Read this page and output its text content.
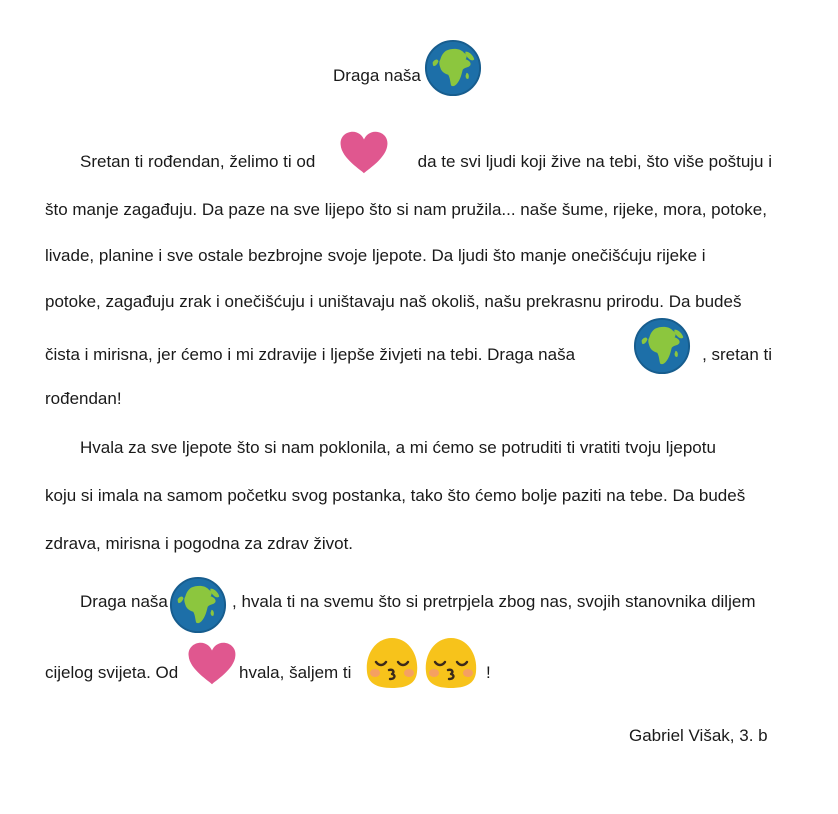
Draga naša
Sretan ti rođendan, želimo ti od	da te svi ljudi koji žive na tebi, što više poštuju i
što manje zagađuju. Da paze na sve lijepo što si nam pružila... naše šume, rijeke, mora, potoke,
livade, planine i sve ostale bezbrojne svoje ljepote. Da ljudi što manje onečišćuju rijeke i
potoke, zagađuju zrak i onečišćuju i uništavaju naš okoliš, našu prekrasnu prirodu. Da budeš
čista i mirisna, jer ćemo i mi zdravije i ljepše živjeti na tebi. Draga naša	, sretan ti
rođendan!
Hvala za sve ljepote što si nam poklonila, a mi ćemo se potruditi ti vratiti tvoju ljepotu
koju si imala na samom početku svog postanka, tako što ćemo bolje paziti na tebe. Da budeš
zdrava, mirisna i pogodna za zdrav život.
Draga naša	, hvala ti na svemu što si pretrpjela zbog nas, svojih stanovnika diljem
cijelog svijeta. Od	hvala, šaljem ti	!
Gabriel Višak, 3. b
